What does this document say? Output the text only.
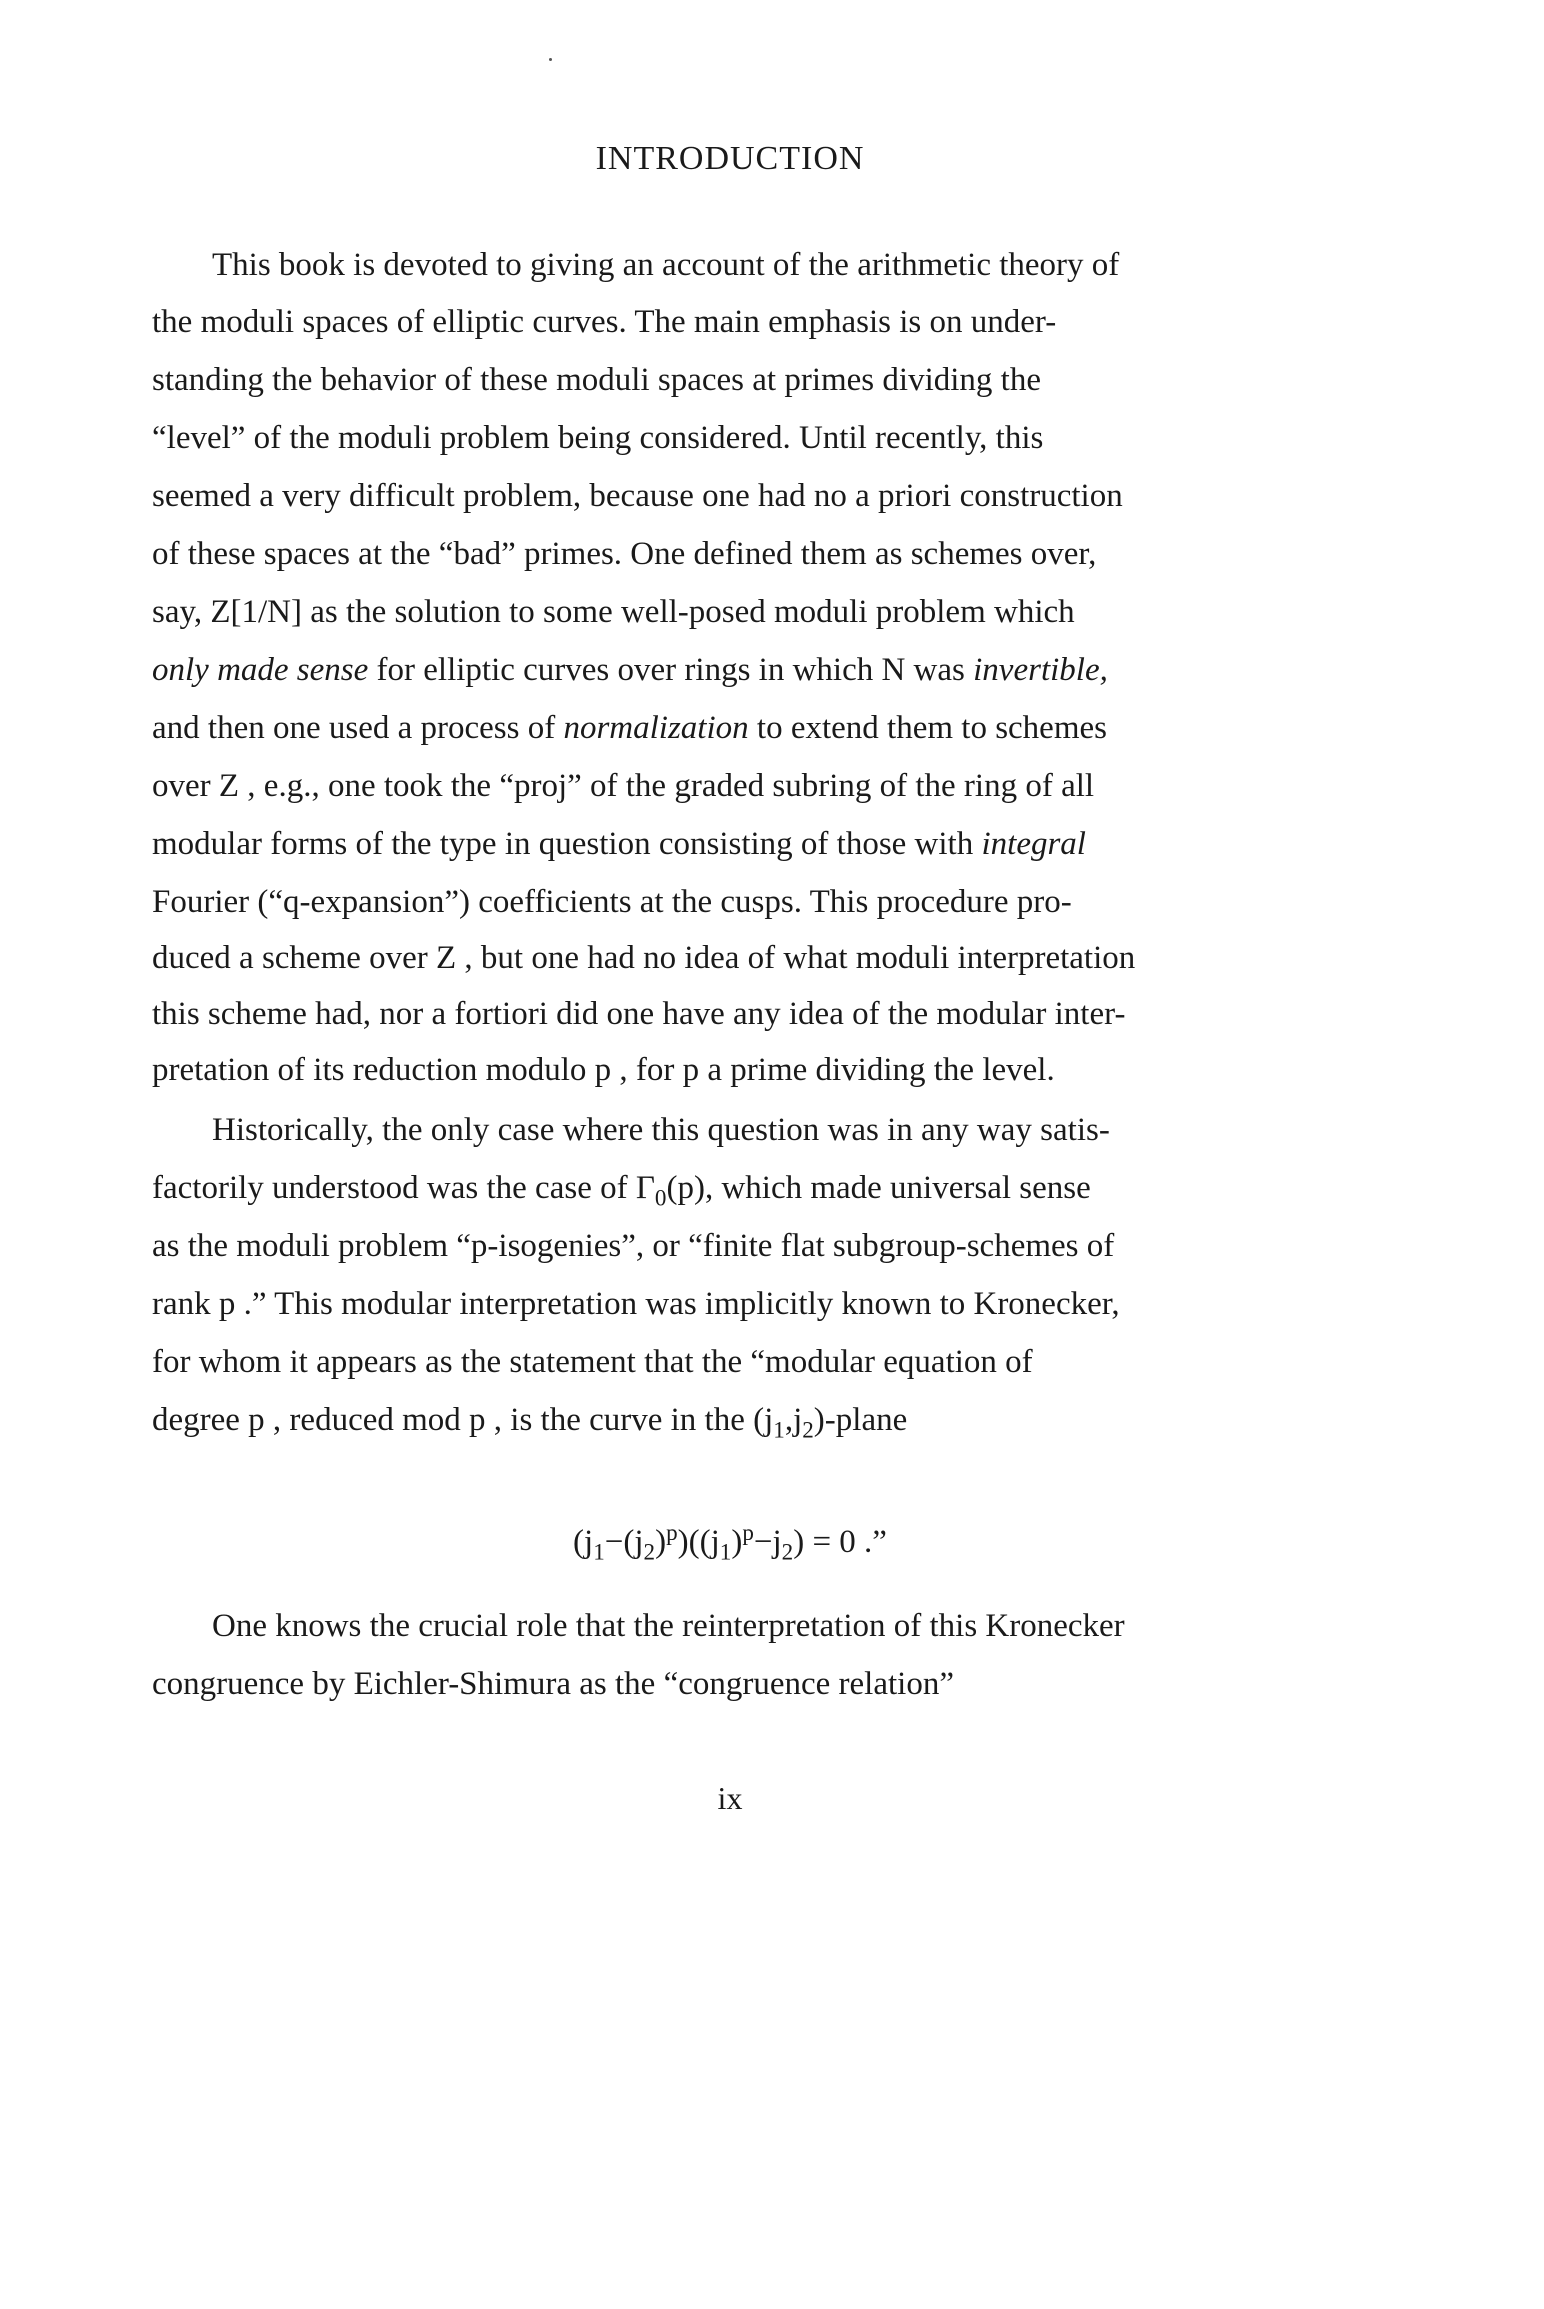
INTRODUCTION

This book is devoted to giving an account of the arithmetic theory of

the moduli spaces of elliptic curves. The main emphasis is on under-

standing the behavior of these moduli spaces at primes dividing the

“level” of the moduli problem being considered. Until recently, this

seemed a very difficult problem, because one had no a priori construction

of these spaces at the “bad” primes. One defined them as schemes over,

say, Z[1/N] as the solution to some well-posed moduli problem which

only made sense for elliptic curves over rings in which N was invertible,

and then one used a process of normalization to extend them to schemes

over Z , e.g., one took the “proj” of the graded subring of the ring of all

modular forms of the type in question consisting of those with integral

Fourier (“q-expansion”) coefficients at the cusps. This procedure pro-

duced a scheme over Z , but one had no idea of what moduli interpretation

this scheme had, nor a fortiori did one have any idea of the modular inter-

pretation of its reduction modulo p , for p a prime dividing the level.

Historically, the only case where this question was in any way satis-

factorily understood was the case of $\Gamma_0(p)$, which made universal sense

as the moduli problem “p-isogenies”, or “finite flat subgroup-schemes of

rank p .” This modular interpretation was implicitly known to Kronecker,

for whom it appears as the statement that the “modular equation of

degree p , reduced mod p , is the curve in the $(j_1,j_2)$-plane

$(j_1-(j_2)^p)((j_1)^p-j_2) = 0$ .”

One knows the crucial role that the reinterpretation of this Kronecker

congruence by Eichler-Shimura as the “congruence relation”

ix
